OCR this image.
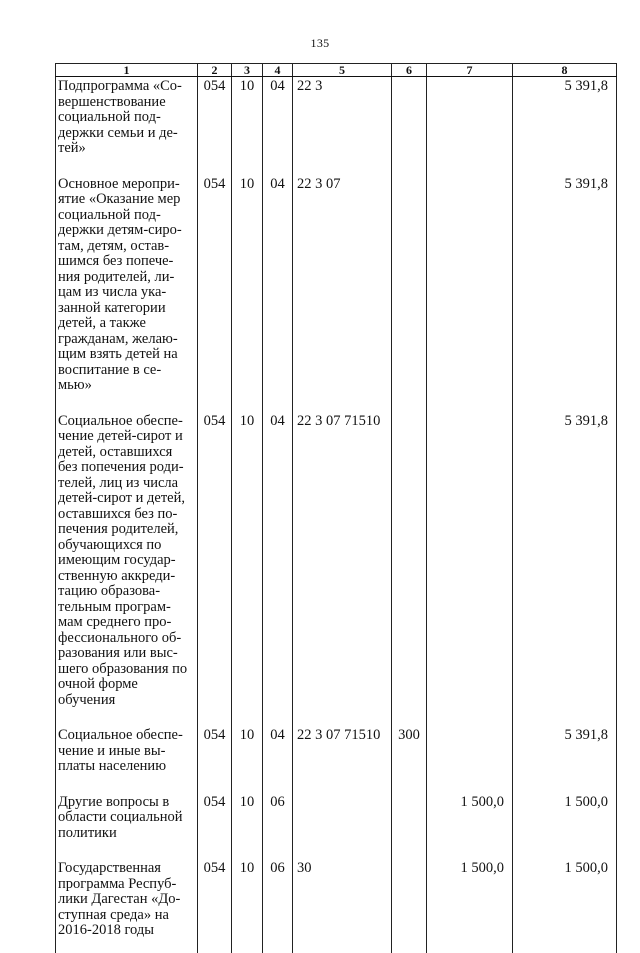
135
1	2	3	4	5	6	7	8
Подпрограмма «Со-вершенствование социальной под-держки семьи и де-тей»	054	10	04	22 3			5 391,8
Основное меропри-ятие «Оказание мер социальной под-держки детям-сиро-там, детям, остав-шимся без попече-ния родителей, ли-цам из числа ука-занной категории детей, а также гражданам, желаю-щим взять детей на воспитание в се-мью»	054	10	04	22 3 07			5 391,8
Социальное обеспе-чение детей-сирот и детей, оставшихся без попечения роди-телей, лиц из числа детей-сирот и детей, оставшихся без по-печения родителей, обучающихся по имеющим государ-ственную аккреди-тацию образова-тельным програм-мам среднего про-фессионального об-разования или выс-шего образования по очной форме обучения	054	10	04	22 3 07 71510			5 391,8
Социальное обеспе-чение и иные вы-платы населению	054	10	04	22 3 07 71510	300		5 391,8
Другие вопросы в области социальной политики	054	10	06			1 500,0	1 500,0
Государственная программа Респуб-лики Дагестан «До-ступная среда» на 2016-2018 годы	054	10	06	30		1 500,0	1 500,0
